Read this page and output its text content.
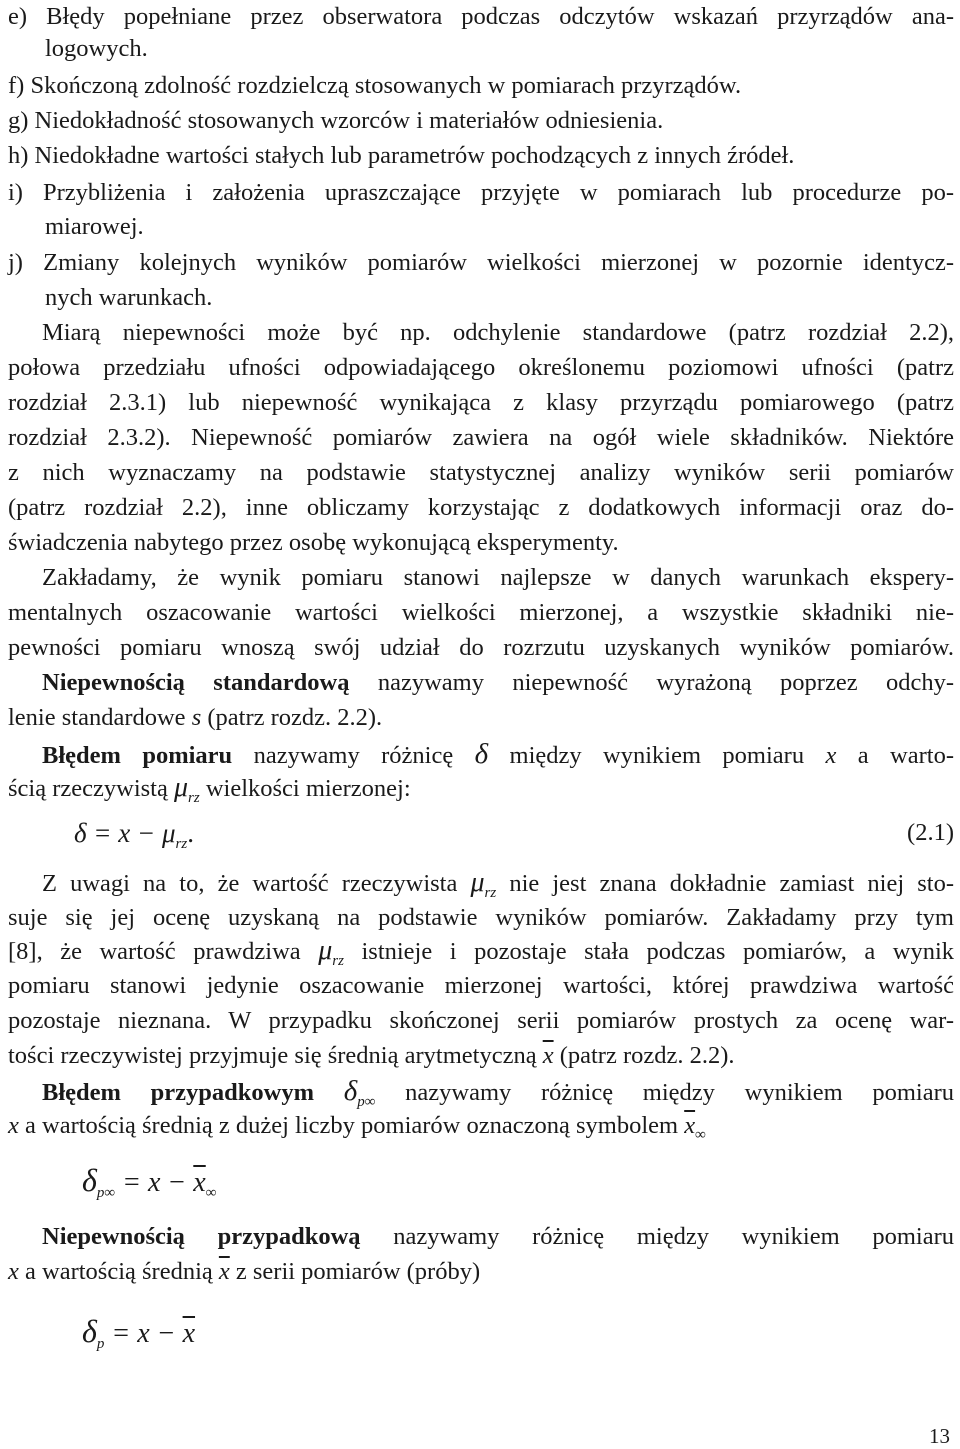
e) Błędy popełniane przez obserwatora podczas odczytów wskazań przyrządów ana-
logowych.
f) Skończoną zdolność rozdzielczą stosowanych w pomiarach przyrządów.
g) Niedokładność stosowanych wzorców i materiałów odniesienia.
h) Niedokładne wartości stałych lub parametrów pochodzących z innych źródeł.
i) Przybliżenia i założenia upraszczające przyjęte w pomiarach lub procedurze po-
miarowej.
j) Zmiany kolejnych wyników pomiarów wielkości mierzonej w pozornie identycz-
nych warunkach.
Miarą niepewności może być np. odchylenie standardowe (patrz rozdział 2.2),
połowa przedziału ufności odpowiadającego określonemu poziomowi ufności (patrz
rozdział 2.3.1) lub niepewność wynikająca z klasy przyrządu pomiarowego (patrz
rozdział 2.3.2). Niepewność pomiarów zawiera na ogół wiele składników. Niektóre
z nich wyznaczamy na podstawie statystycznej analizy wyników serii pomiarów
(patrz rozdział 2.2), inne obliczamy korzystając z dodatkowych informacji oraz do-
świadczenia nabytego przez osobę wykonującą eksperymenty.
Zakładamy, że wynik pomiaru stanowi najlepsze w danych warunkach ekspery-
mentalnych oszacowanie wartości wielkości mierzonej, a wszystkie składniki nie-
pewności pomiaru wnoszą swój udział do rozrzutu uzyskanych wyników pomiarów.
Niepewnością standardową nazywamy niepewność wyrażoną poprzez odchy-
lenie standardowe s (patrz rozdz. 2.2).
Błędem pomiaru nazywamy różnicę δ między wynikiem pomiaru x a warto-
ścią rzeczywistą $\mu_{rz}$ wielkości mierzonej:
$\delta = x - \mu_{rz}$.	(2.1)
Z uwagi na to, że wartość rzeczywista $\mu_{rz}$ nie jest znana dokładnie zamiast niej sto-
suje się jej ocenę uzyskaną na podstawie wyników pomiarów. Zakładamy przy tym
[8], że wartość prawdziwa $\mu_{rz}$ istnieje i pozostaje stała podczas pomiarów, a wynik
pomiaru stanowi jedynie oszacowanie mierzonej wartości, której prawdziwa wartość
pozostaje nieznana. W przypadku skończonej serii pomiarów prostych za ocenę war-
tości rzeczywistej przyjmuje się średnią arytmetyczną $\overline{x}$ (patrz rozdz. 2.2).
Błędem przypadkowym $\delta_{p\infty}$ nazywamy różnicę między wynikiem pomiaru
x a wartością średnią z dużej liczby pomiarów oznaczoną symbolem $\overline{x}_\infty$
$\delta_{p\infty} = x - \overline{x}_\infty$
Niepewnością przypadkową nazywamy różnicę między wynikiem pomiaru
x a wartością średnią $\overline{x}$ z serii pomiarów (próby)
$\delta_p = x - \overline{x}$
13
